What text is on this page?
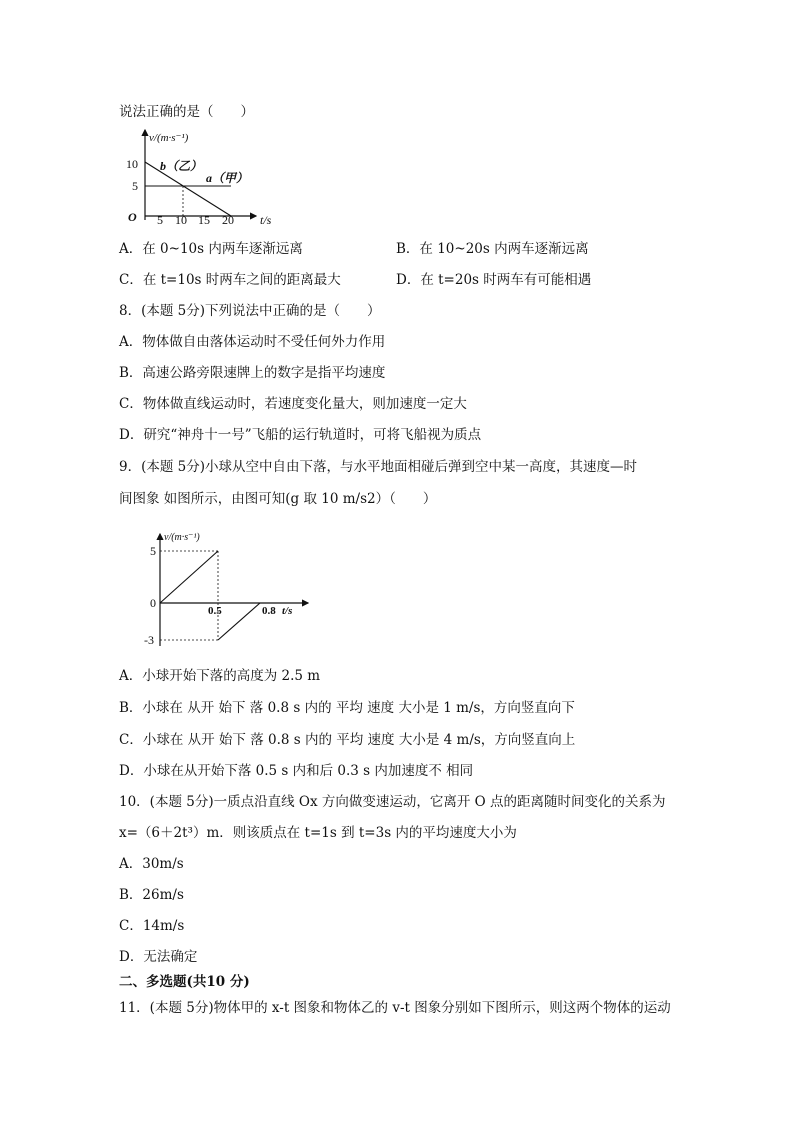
说法正确的是（　　）
v/(m·s⁻¹)
10
5
O 5 10 15 20 t/s
b（乙）
a（甲）
A．在 0~10s 内两车逐渐远离	B．在 10~20s 内两车逐渐远离
C．在 t=10s 时两车之间的距离最大	D．在 t=20s 时两车有可能相遇
8．(本题 5分)下列说法中正确的是（　　）
A．物体做自由落体运动时不受任何外力作用
B．高速公路旁限速牌上的数字是指平均速度
C．物体做直线运动时，若速度变化量大，则加速度一定大
D．研究“神舟十一号”飞船的运行轨道时，可将飞船视为质点
9．(本题 5分)小球从空中自由下落，与水平地面相碰后弹到空中某一高度，其速度—时
间图象 如图所示，由图可知(g 取 10 m/s2）（　　）
v/(m·s⁻¹)
5
0
-3
0.5	0.8 t/s
A．小球开始下落的高度为 2.5 m
B．小球在 从开 始下 落 0.8 s 内的 平均 速度 大小是 1 m/s，方向竖直向下
C．小球在 从开 始下 落 0.8 s 内的 平均 速度 大小是 4 m/s，方向竖直向上
D．小球在从开始下落 0.5 s 内和后 0.3 s 内加速度不 相同
10．(本题 5分)一质点沿直线 Ox 方向做变速运动，它离开 O 点的距离随时间变化的关系为
x=（6＋2t³）m．则该质点在 t=1s 到 t=3s 内的平均速度大小为
A．30m/s
B．26m/s
C．14m/s
D．无法确定
二、多选题(共10 分)
11．(本题 5分)物体甲的 x-t 图象和物体乙的 v-t 图象分别如下图所示，则这两个物体的运动
